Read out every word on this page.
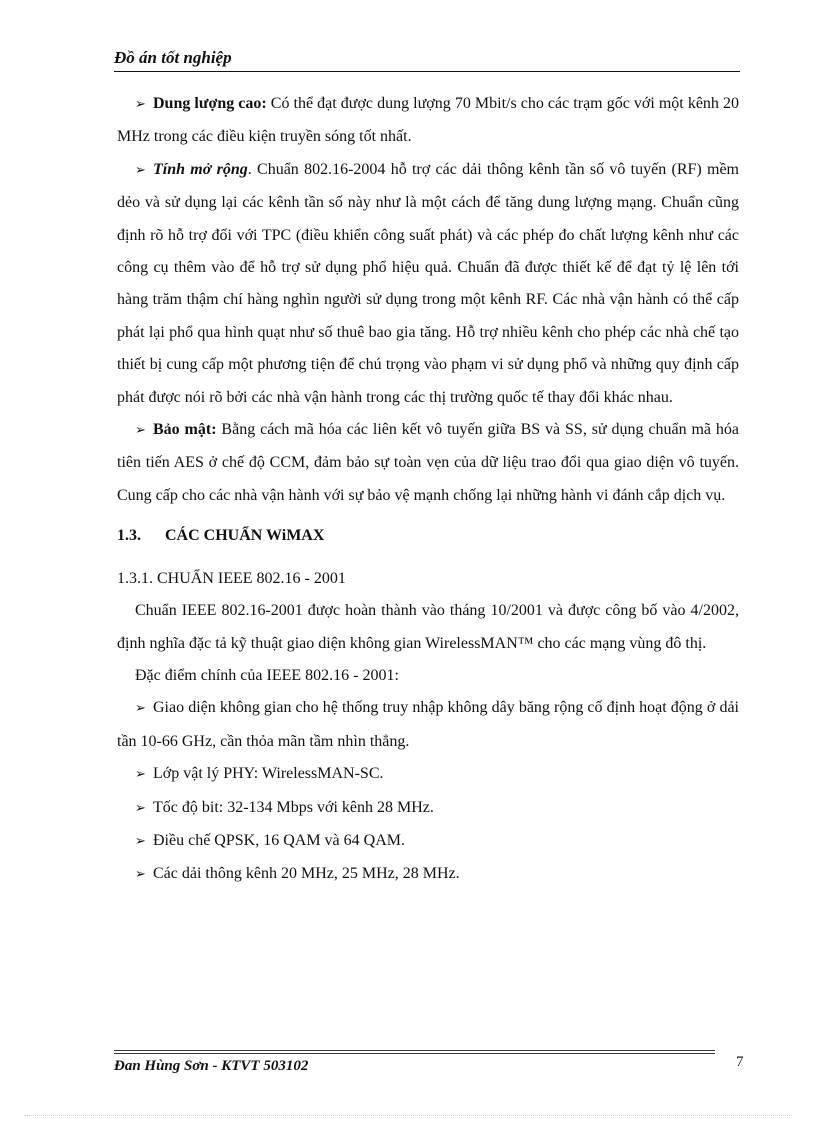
Đồ án tốt nghiệp

➢ Dung lượng cao: Có thể đạt được dung lượng 70 Mbit/s cho các trạm gốc với một kênh 20 MHz trong các điều kiện truyền sóng tốt nhất.

➢ Tính mở rộng. Chuẩn 802.16-2004 hỗ trợ các dải thông kênh tần số vô tuyến (RF) mềm dẻo và sử dụng lại các kênh tần số này như là một cách để tăng dung lượng mạng. Chuẩn cũng định rõ hỗ trợ đối với TPC (điều khiển công suất phát) và các phép đo chất lượng kênh như các công cụ thêm vào để hỗ trợ sử dụng phổ hiệu quả. Chuẩn đã được thiết kế để đạt tỷ lệ lên tới hàng trăm thậm chí hàng nghìn người sử dụng trong một kênh RF. Các nhà vận hành có thể cấp phát lại phổ qua hình quạt như số thuê bao gia tăng. Hỗ trợ nhiều kênh cho phép các nhà chế tạo thiết bị cung cấp một phương tiện để chú trọng vào phạm vi sử dụng phổ và những quy định cấp phát được nói rõ bởi các nhà vận hành trong các thị trường quốc tế thay đổi khác nhau.

➢ Bảo mật: Bằng cách mã hóa các liên kết vô tuyến giữa BS và SS, sử dụng chuẩn mã hóa tiên tiến AES ở chế độ CCM, đảm bảo sự toàn vẹn của dữ liệu trao đổi qua giao diện vô tuyến. Cung cấp cho các nhà vận hành với sự bảo vệ mạnh chống lại những hành vi đánh cắp dịch vụ.

1.3. CÁC CHUẨN WiMAX

1.3.1. CHUẨN IEEE 802.16 - 2001

Chuẩn IEEE 802.16-2001 được hoàn thành vào tháng 10/2001 và được công bố vào 4/2002, định nghĩa đặc tả kỹ thuật giao diện không gian WirelessMAN™ cho các mạng vùng đô thị.

Đặc điểm chính của IEEE 802.16 - 2001:

➢ Giao diện không gian cho hệ thống truy nhập không dây băng rộng cố định hoạt động ở dải tần 10-66 GHz, cần thỏa mãn tầm nhìn thẳng.

➢ Lớp vật lý PHY: WirelessMAN-SC.

➢ Tốc độ bit: 32-134 Mbps với kênh 28 MHz.

➢ Điều chế QPSK, 16 QAM và 64 QAM.

➢ Các dải thông kênh 20 MHz, 25 MHz, 28 MHz.

Đan Hùng Sơn - KTVT 503102	7
